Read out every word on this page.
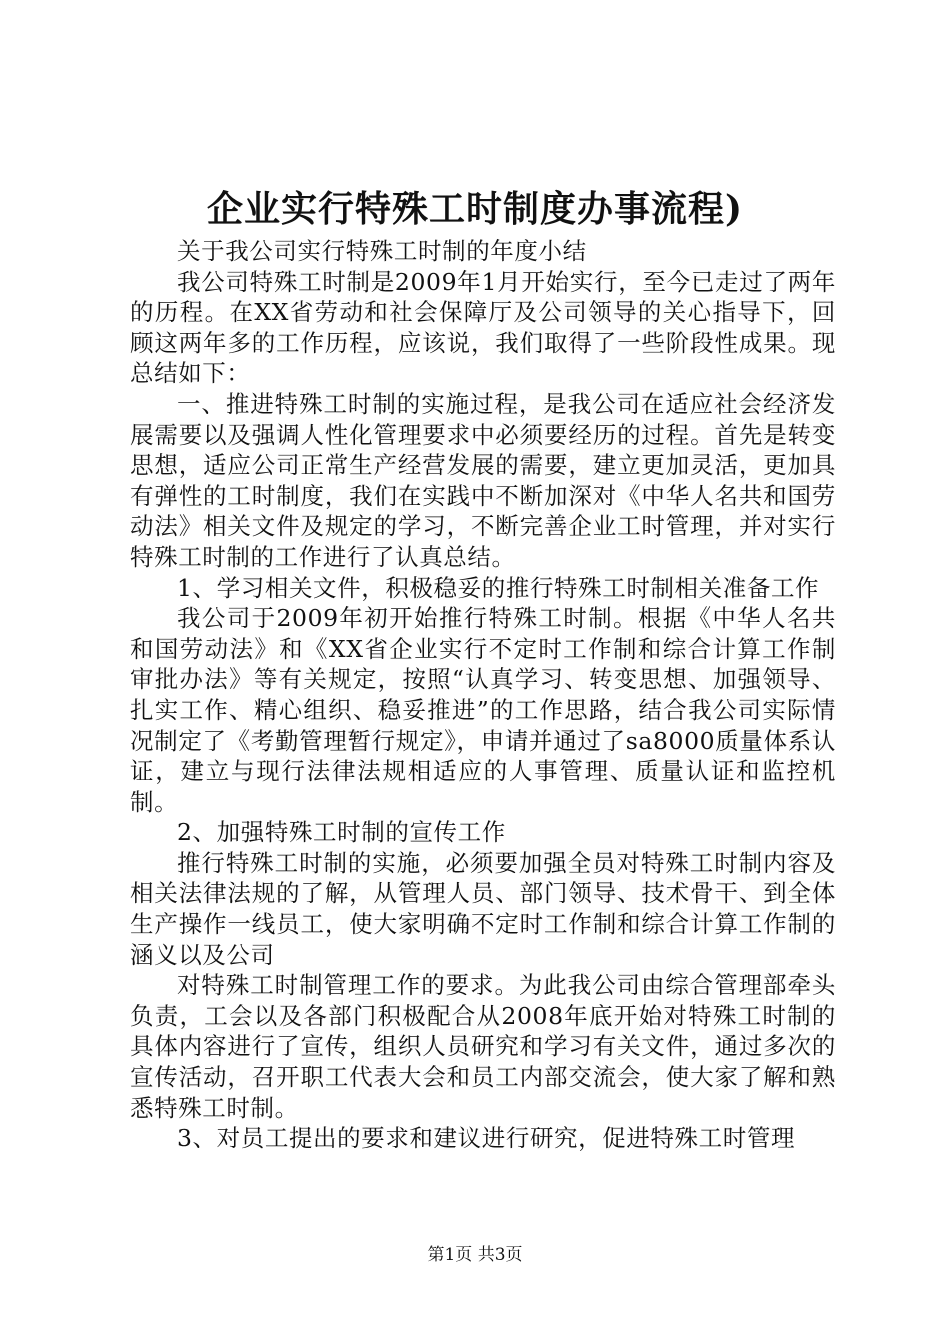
企业实行特殊工时制度办事流程)

关于我公司实行特殊工时制的年度小结

我公司特殊工时制是2009年1月开始实行，至今已走过了两年的历程。在XX省劳动和社会保障厅及公司领导的关心指导下，回顾这两年多的工作历程，应该说，我们取得了一些阶段性成果。现总结如下：

一、推进特殊工时制的实施过程，是我公司在适应社会经济发展需要以及强调人性化管理要求中必须要经历的过程。首先是转变思想，适应公司正常生产经营发展的需要，建立更加灵活，更加具有弹性的工时制度，我们在实践中不断加深对《中华人名共和国劳动法》相关文件及规定的学习，不断完善企业工时管理，并对实行特殊工时制的工作进行了认真总结。

1、学习相关文件，积极稳妥的推行特殊工时制相关准备工作

我公司于2009年初开始推行特殊工时制。根据《中华人名共和国劳动法》和《XX省企业实行不定时工作制和综合计算工作制审批办法》等有关规定，按照“认真学习、转变思想、加强领导、扎实工作、精心组织、稳妥推进”的工作思路，结合我公司实际情况制定了《考勤管理暂行规定》，申请并通过了sa8000质量体系认证，建立与现行法律法规相适应的人事管理、质量认证和监控机制。

2、加强特殊工时制的宣传工作

推行特殊工时制的实施，必须要加强全员对特殊工时制内容及相关法律法规的了解，从管理人员、部门领导、技术骨干、到全体生产操作一线员工，使大家明确不定时工作制和综合计算工作制的涵义以及公司

对特殊工时制管理工作的要求。为此我公司由综合管理部牵头负责，工会以及各部门积极配合从2008年底开始对特殊工时制的具体内容进行了宣传，组织人员研究和学习有关文件，通过多次的宣传活动，召开职工代表大会和员工内部交流会，使大家了解和熟悉特殊工时制。

3、对员工提出的要求和建议进行研究，促进特殊工时管理

第1页 共3页
